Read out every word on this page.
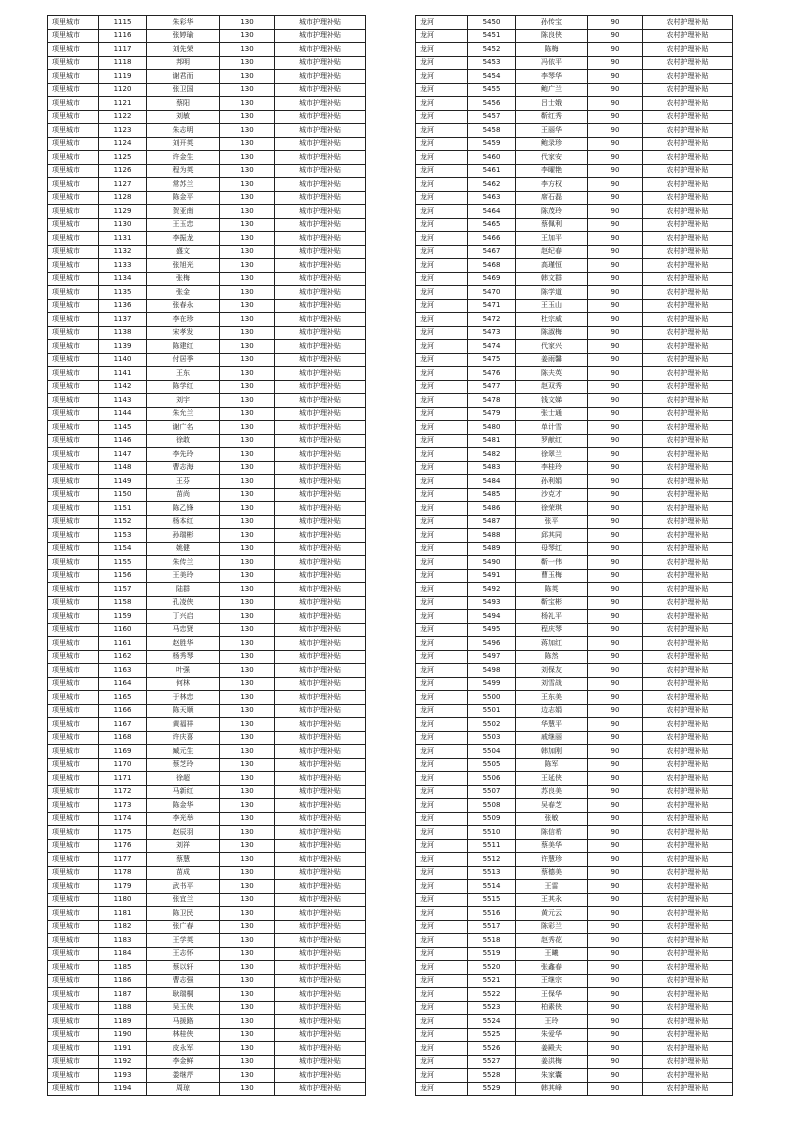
项里城市	1115	朱彩华	130	城市护理补贴
项里城市	1116	张婷瑜	130	城市护理补贴
项里城市	1117	刘先荣	130	城市护理补贴
项里城市	1118	邦明	130	城市护理补贴
项里城市	1119	谢君而	130	城市护理补贴
项里城市	1120	张卫国	130	城市护理补贴
项里城市	1121	蔡阳	130	城市护理补贴
项里城市	1122	刘敏	130	城市护理补贴
项里城市	1123	朱志明	130	城市护理补贴
项里城市	1124	刘开英	130	城市护理补贴
项里城市	1125	许金生	130	城市护理补贴
项里城市	1126	程为英	130	城市护理补贴
项里城市	1127	常苏兰	130	城市护理补贴
项里城市	1128	陈金平	130	城市护理补贴
项里城市	1129	贺亚南	130	城市护理补贴
项里城市	1130	王玉忠	130	城市护理补贴
项里城市	1131	李振龙	130	城市护理补贴
项里城市	1132	盛文	130	城市护理补贴
项里城市	1133	张旭光	130	城市护理补贴
项里城市	1134	张梅	130	城市护理补贴
项里城市	1135	张金	130	城市护理补贴
项里城市	1136	张春永	130	城市护理补贴
项里城市	1137	李在珍	130	城市护理补贴
项里城市	1138	宋孝发	130	城市护理补贴
项里城市	1139	陈建红	130	城市护理补贴
项里城市	1140	付居季	130	城市护理补贴
项里城市	1141	王东	130	城市护理补贴
项里城市	1142	陈学红	130	城市护理补贴
项里城市	1143	刘宇	130	城市护理补贴
项里城市	1144	朱允兰	130	城市护理补贴
项里城市	1145	谢广名	130	城市护理补贴
项里城市	1146	徐敢	130	城市护理补贴
项里城市	1147	李先玲	130	城市护理补贴
项里城市	1148	曹志海	130	城市护理补贴
项里城市	1149	王芬	130	城市护理补贴
项里城市	1150	苗尚	130	城市护理补贴
项里城市	1151	陈乙锋	130	城市护理补贴
项里城市	1152	杨本红	130	城市护理补贴
项里城市	1153	孙瑞彬	130	城市护理补贴
项里城市	1154	姚健	130	城市护理补贴
项里城市	1155	朱传兰	130	城市护理补贴
项里城市	1156	王美玲	130	城市护理补贴
项里城市	1157	陆群	130	城市护理补贴
项里城市	1158	孔凌侠	130	城市护理补贴
项里城市	1159	丁兴启	130	城市护理补贴
项里城市	1160	马忠贤	130	城市护理补贴
项里城市	1161	赵胜华	130	城市护理补贴
项里城市	1162	杨秀琴	130	城市护理补贴
项里城市	1163	叶强	130	城市护理补贴
项里城市	1164	何林	130	城市护理补贴
项里城市	1165	于林忠	130	城市护理补贴
项里城市	1166	陈天顺	130	城市护理补贴
项里城市	1167	黄福祥	130	城市护理补贴
项里城市	1168	许庆喜	130	城市护理补贴
项里城市	1169	臧元生	130	城市护理补贴
项里城市	1170	蔡芝玲	130	城市护理补贴
项里城市	1171	徐超	130	城市护理补贴
项里城市	1172	马新红	130	城市护理补贴
项里城市	1173	陈金华	130	城市护理补贴
项里城市	1174	李光举	130	城市护理补贴
项里城市	1175	赵辰羽	130	城市护理补贴
项里城市	1176	刘祥	130	城市护理补贴
项里城市	1177	蔡慧	130	城市护理补贴
项里城市	1178	苗成	130	城市护理补贴
项里城市	1179	武书平	130	城市护理补贴
项里城市	1180	张宜兰	130	城市护理补贴
项里城市	1181	陈卫民	130	城市护理补贴
项里城市	1182	张广春	130	城市护理补贴
项里城市	1183	王学英	130	城市护理补贴
项里城市	1184	王志怀	130	城市护理补贴
项里城市	1185	蔡以轩	130	城市护理补贴
项里城市	1186	曹志强	130	城市护理补贴
项里城市	1187	耿瑞桐	130	城市护理补贴
项里城市	1188	吴玉侠	130	城市护理补贴
项里城市	1189	马援路	130	城市护理补贴
项里城市	1190	林桂侠	130	城市护理补贴
项里城市	1191	皮永军	130	城市护理补贴
项里城市	1192	李金鲜	130	城市护理补贴
项里城市	1193	娄继芹	130	城市护理补贴
项里城市	1194	周琼	130	城市护理补贴
龙河	5450	孙传宝	90	农村护理补贴
龙河	5451	陈良侠	90	农村护理补贴
龙河	5452	陈梅	90	农村护理补贴
龙河	5453	冯依平	90	农村护理补贴
龙河	5454	李琴华	90	农村护理补贴
龙河	5455	鲍广兰	90	农村护理补贴
龙河	5456	吕士娥	90	农村护理补贴
龙河	5457	靳红秀	90	农村护理补贴
龙河	5458	王丽华	90	农村护理补贴
龙河	5459	鲍录珍	90	农村护理补贴
龙河	5460	代家安	90	农村护理补贴
龙河	5461	李曜艳	90	农村护理补贴
龙河	5462	李方权	90	农村护理补贴
龙河	5463	席石磊	90	农村护理补贴
龙河	5464	陈茂玲	90	农村护理补贴
龙河	5465	蔡佩利	90	农村护理补贴
龙河	5466	王加平	90	农村护理补贴
龙河	5467	赵纪春	90	农村护理补贴
龙河	5468	高瑾恒	90	农村护理补贴
龙河	5469	韩文群	90	农村护理补贴
龙河	5470	陈学道	90	农村护理补贴
龙河	5471	王玉山	90	农村护理补贴
龙河	5472	杜宗威	90	农村护理补贴
龙河	5473	陈淑梅	90	农村护理补贴
龙河	5474	代家兴	90	农村护理补贴
龙河	5475	姜雨馨	90	农村护理补贴
龙河	5476	陈夫英	90	农村护理补贴
龙河	5477	赵双秀	90	农村护理补贴
龙河	5478	钱文娣	90	农村护理补贴
龙河	5479	张士通	90	农村护理补贴
龙河	5480	单计雪	90	农村护理补贴
龙河	5481	罗献红	90	农村护理补贴
龙河	5482	徐翠兰	90	农村护理补贴
龙河	5483	李桂玲	90	农村护理补贴
龙河	5484	孙利娟	90	农村护理补贴
龙河	5485	沙克才	90	农村护理补贴
龙河	5486	徐荣琪	90	农村护理补贴
龙河	5487	张平	90	农村护理补贴
龙河	5488	邱其同	90	农村护理补贴
龙河	5489	母琴红	90	农村护理补贴
龙河	5490	靳一伟	90	农村护理补贴
龙河	5491	曹玉梅	90	农村护理补贴
龙河	5492	陈英	90	农村护理补贴
龙河	5493	靳宝彬	90	农村护理补贴
龙河	5494	杨礼平	90	农村护理补贴
龙河	5495	程庆琴	90	农村护理补贴
龙河	5496	蒋加红	90	农村护理补贴
龙河	5497	陈然	90	农村护理补贴
龙河	5498	刘保友	90	农村护理补贴
龙河	5499	刘雪战	90	农村护理补贴
龙河	5500	王东美	90	农村护理补贴
龙河	5501	边志娟	90	农村护理补贴
龙河	5502	华慧平	90	农村护理补贴
龙河	5503	戚继丽	90	农村护理补贴
龙河	5504	韩加刚	90	农村护理补贴
龙河	5505	陈军	90	农村护理补贴
龙河	5506	王延侠	90	农村护理补贴
龙河	5507	苏良美	90	农村护理补贴
龙河	5508	吴春芝	90	农村护理补贴
龙河	5509	张敏	90	农村护理补贴
龙河	5510	陈信希	90	农村护理补贴
龙河	5511	蔡美华	90	农村护理补贴
龙河	5512	许慧珍	90	农村护理补贴
龙河	5513	蔡德美	90	农村护理补贴
龙河	5514	王雷	90	农村护理补贴
龙河	5515	王其永	90	农村护理补贴
龙河	5516	黄元云	90	农村护理补贴
龙河	5517	陈彩兰	90	农村护理补贴
龙河	5518	赵秀花	90	农村护理补贴
龙河	5519	王曦	90	农村护理补贴
龙河	5520	张鑫春	90	农村护理补贴
龙河	5521	王继宗	90	农村护理补贴
龙河	5522	王保华	90	农村护理补贴
龙河	5523	柏素侠	90	农村护理补贴
龙河	5524	王玲	90	农村护理补贴
龙河	5525	朱爱华	90	农村护理补贴
龙河	5526	姜殿夫	90	农村护理补贴
龙河	5527	姜洪梅	90	农村护理补贴
龙河	5528	朱家囊	90	农村护理补贴
龙河	5529	韩其峰	90	农村护理补贴
